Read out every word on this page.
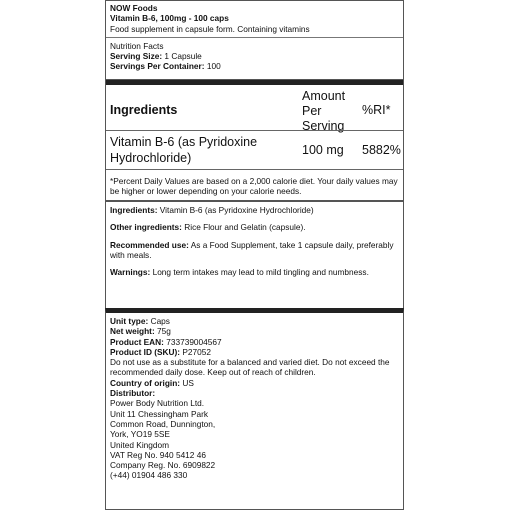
NOW Foods
Vitamin B-6, 100mg - 100 caps
Food supplement in capsule form. Containing vitamins
Nutrition Facts
Serving Size: 1 Capsule
Servings Per Container: 100
Ingredients
Amount Per Serving
%RI*
Vitamin B-6 (as Pyridoxine Hydrochloride)
100 mg 5882%
*Percent Daily Values are based on a 2,000 calorie diet. Your daily values may be higher or lower depending on your calorie needs.
Ingredients: Vitamin B-6 (as Pyridoxine Hydrochloride)
Other ingredients: Rice Flour and Gelatin (capsule).
Recommended use: As a Food Supplement, take 1 capsule daily, preferably with meals.
Warnings: Long term intakes may lead to mild tingling and numbness.
Unit type: Caps
Net weight: 75g
Product EAN: 733739004567
Product ID (SKU): P27052
Do not use as a substitute for a balanced and varied diet. Do not exceed the recommended daily dose. Keep out of reach of children.
Country of origin: US
Distributor:
Power Body Nutrition Ltd.
Unit 11 Chessingham Park
Common Road, Dunnington,
York, YO19 5SE
United Kingdom
VAT Reg No. 940 5412 46
Company Reg. No. 6909822
(+44) 01904 486 330
